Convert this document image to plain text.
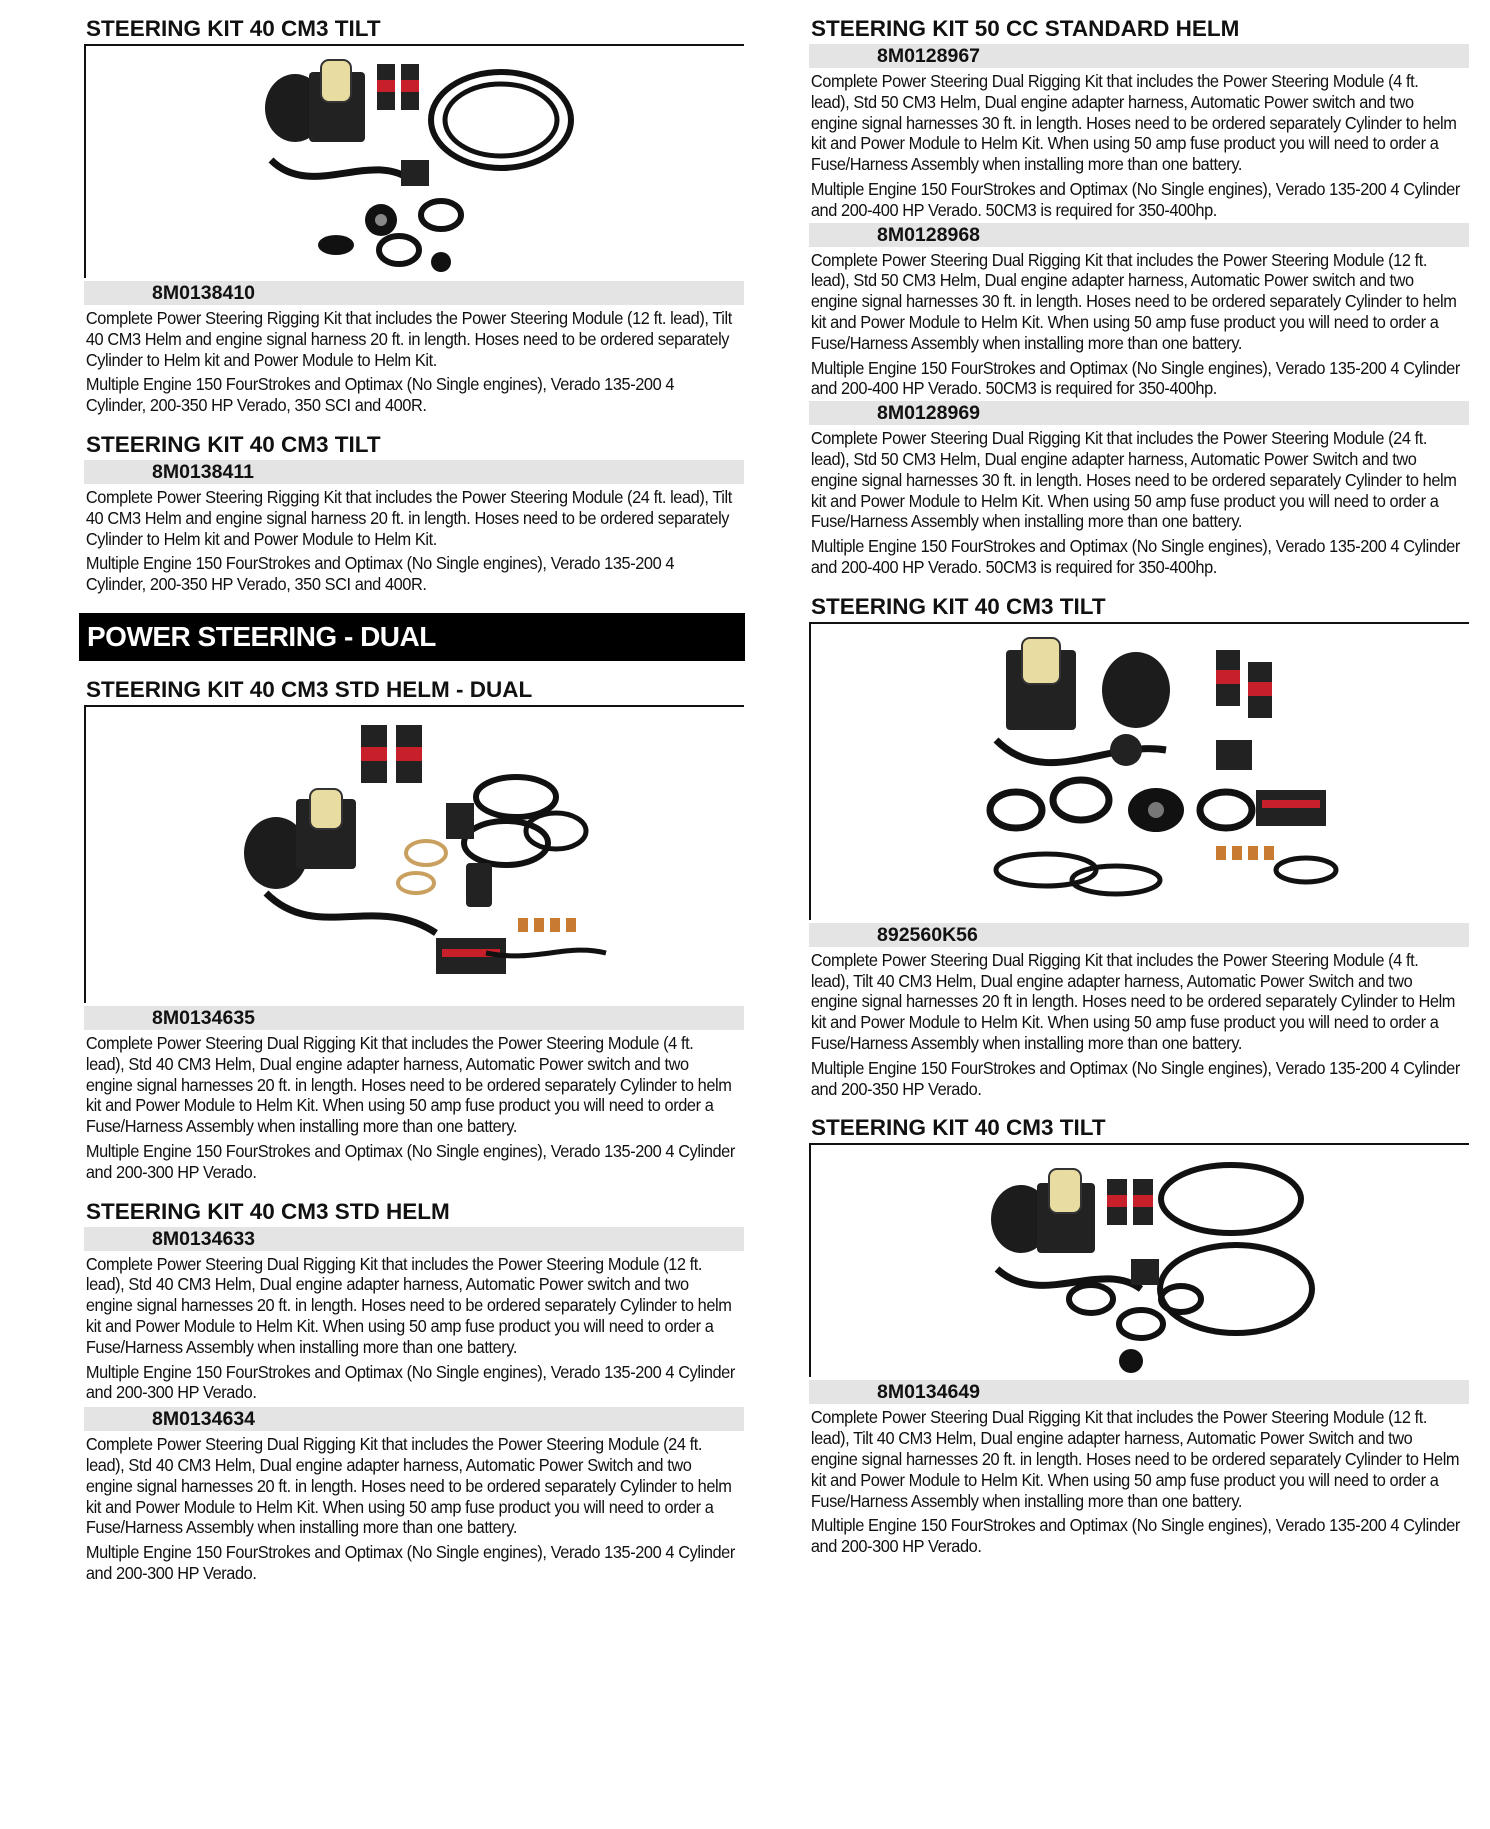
STEERING KIT 40 CM3 TILT
8M0138410
Complete Power Steering Rigging Kit that includes the Power Steering Module (12 ft. lead), Tilt 40 CM3 Helm and engine signal harness 20 ft. in length. Hoses need to be ordered separately Cylinder to Helm kit and Power Module to Helm Kit.
Multiple Engine 150 FourStrokes and Optimax (No Single engines), Verado 135-200 4 Cylinder, 200-350 HP Verado, 350 SCI and 400R.
STEERING KIT 40 CM3 TILT
8M0138411
Complete Power Steering Rigging Kit that includes the Power Steering Module (24 ft. lead), Tilt 40 CM3 Helm and engine signal harness 20 ft. in length. Hoses need to be ordered separately Cylinder to Helm kit and Power Module to Helm Kit.
Multiple Engine 150 FourStrokes and Optimax (No Single engines), Verado 135-200 4 Cylinder, 200-350 HP Verado, 350 SCI and 400R.
POWER STEERING - DUAL
STEERING KIT 40 CM3 STD HELM - DUAL
8M0134635
Complete Power Steering Dual Rigging Kit that includes the Power Steering Module (4 ft. lead), Std 40 CM3 Helm, Dual engine adapter harness, Automatic Power switch and two engine signal harnesses 20 ft. in length. Hoses need to be ordered separately Cylinder to helm kit and Power Module to Helm Kit. When using 50 amp fuse product you will need to order a Fuse/Harness Assembly when installing more than one battery.
Multiple Engine 150 FourStrokes and Optimax (No Single engines), Verado 135-200 4 Cylinder and 200-300 HP Verado.
STEERING KIT 40 CM3 STD HELM
8M0134633
Complete Power Steering Dual Rigging Kit that includes the Power Steering Module (12 ft. lead), Std 40 CM3 Helm, Dual engine adapter harness, Automatic Power switch and two engine signal harnesses 20 ft. in length. Hoses need to be ordered separately Cylinder to helm kit and Power Module to Helm Kit. When using 50 amp fuse product you will need to order a Fuse/Harness Assembly when installing more than one battery.
Multiple Engine 150 FourStrokes and Optimax (No Single engines), Verado 135-200 4 Cylinder and 200-300 HP Verado.
8M0134634
Complete Power Steering Dual Rigging Kit that includes the Power Steering Module (24 ft. lead), Std 40 CM3 Helm, Dual engine adapter harness, Automatic Power Switch and two engine signal harnesses 20 ft. in length. Hoses need to be ordered separately Cylinder to helm kit and Power Module to Helm Kit. When using 50 amp fuse product you will need to order a Fuse/Harness Assembly when installing more than one battery.
Multiple Engine 150 FourStrokes and Optimax (No Single engines), Verado 135-200 4 Cylinder and 200-300 HP Verado.
STEERING KIT 50 CC STANDARD HELM
8M0128967
Complete Power Steering Dual Rigging Kit that includes the Power Steering Module (4 ft. lead), Std 50 CM3 Helm, Dual engine adapter harness, Automatic Power switch and two engine signal harnesses 30 ft. in length. Hoses need to be ordered separately Cylinder to helm kit and Power Module to Helm Kit. When using 50 amp fuse product you will need to order a Fuse/Harness Assembly when installing more than one battery.
Multiple Engine 150 FourStrokes and Optimax (No Single engines), Verado 135-200 4 Cylinder and 200-400 HP Verado. 50CM3 is required for 350-400hp.
8M0128968
Complete Power Steering Dual Rigging Kit that includes the Power Steering Module (12 ft. lead), Std 50 CM3 Helm, Dual engine adapter harness, Automatic Power switch and two engine signal harnesses 30 ft. in length. Hoses need to be ordered separately Cylinder to helm kit and Power Module to Helm Kit. When using 50 amp fuse product you will need to order a Fuse/Harness Assembly when installing more than one battery.
Multiple Engine 150 FourStrokes and Optimax (No Single engines), Verado 135-200 4 Cylinder and 200-400 HP Verado. 50CM3 is required for 350-400hp.
8M0128969
Complete Power Steering Dual Rigging Kit that includes the Power Steering Module (24 ft. lead), Std 50 CM3 Helm, Dual engine adapter harness, Automatic Power Switch and two engine signal harnesses 30 ft. in length. Hoses need to be ordered separately Cylinder to helm kit and Power Module to Helm Kit. When using 50 amp fuse product you will need to order a Fuse/Harness Assembly when installing more than one battery.
Multiple Engine 150 FourStrokes and Optimax (No Single engines), Verado 135-200 4 Cylinder and 200-400 HP Verado. 50CM3 is required for 350-400hp.
STEERING KIT 40 CM3 TILT
892560K56
Complete Power Steering Dual Rigging Kit that includes the Power Steering Module (4 ft. lead), Tilt 40 CM3 Helm, Dual engine adapter harness, Automatic Power Switch and two engine signal harnesses 20 ft in length. Hoses need to be ordered separately Cylinder to Helm kit and Power Module to Helm Kit. When using 50 amp fuse product you will need to order a Fuse/Harness Assembly when installing more than one battery.
Multiple Engine 150 FourStrokes and Optimax (No Single engines), Verado 135-200 4 Cylinder and 200-350 HP Verado.
STEERING KIT 40 CM3 TILT
8M0134649
Complete Power Steering Dual Rigging Kit that includes the Power Steering Module (12 ft. lead), Tilt 40 CM3 Helm, Dual engine adapter harness, Automatic Power Switch and two engine signal harnesses 20 ft. in length. Hoses need to be ordered separately Cylinder to Helm kit and Power Module to Helm Kit. When using 50 amp fuse product you will need to order a Fuse/Harness Assembly when installing more than one battery.
Multiple Engine 150 FourStrokes and Optimax (No Single engines), Verado 135-200 4 Cylinder and 200-300 HP Verado.
